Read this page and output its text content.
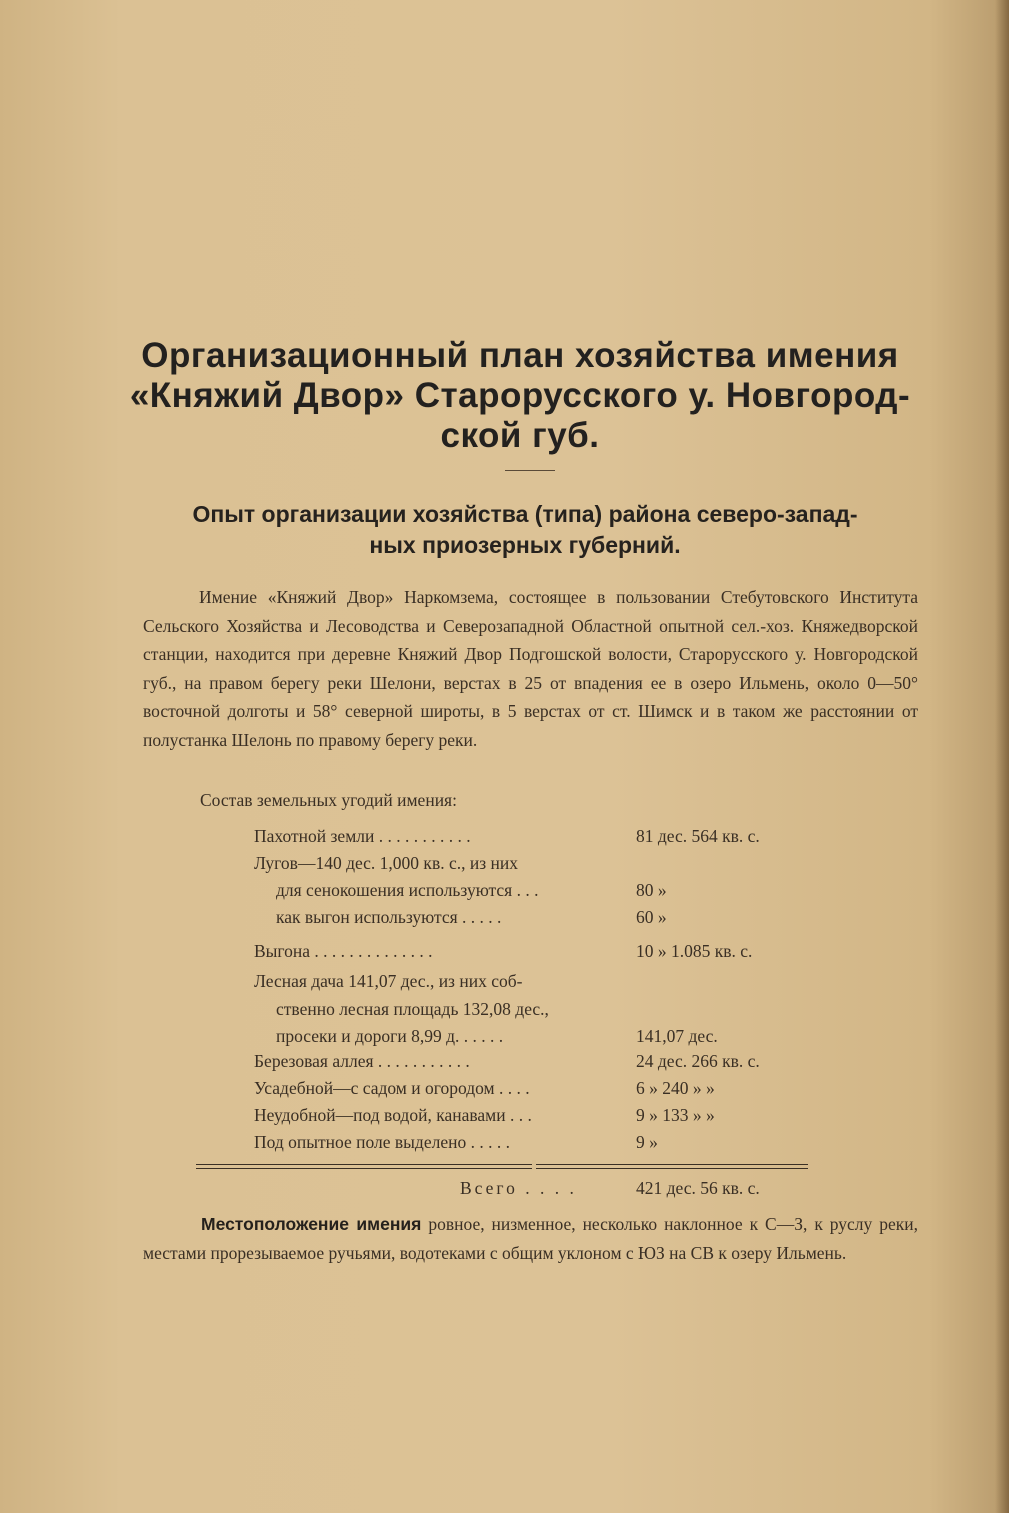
Организационный план хозяйства имения
«Княжий Двор» Старорусского у. Новгород-
ской губ.
Опыт организации хозяйства (типа) района северо-запад-
ных приозерных губерний.

Имение «Княжий Двор» Наркомзема, состоящее в пользовании Стебутовского Института Сельского Хозяйства и Лесоводства и Северозападной Областной опытной сел.-хоз. Княжедворской станции, находится при деревне Княжий Двор Подгошской волости, Старорусского у. Новгородской губ., на правом берегу реки Шелони, верстах в 25 от впадения ее в озеро Ильмень, около 0—50° восточной долготы и 58° северной широты, в 5 верстах от ст. Шимск и в таком же расстоянии от полустанка Шелонь по правому берегу реки.

Состав земельных угодий имения:

Пахотной земли . . . . . . . . . . .	81 дес. 564 кв. с.
Лугов—140 дес. 1,000 кв. с., из них
для сенокошения используются . . .	80 »
как выгон используются . . . . .	60 »
Выгона . . . . . . . . . . . . . .	10 » 1.085 кв. с.
Лесная дача 141,07 дес., из них соб-
ственно лесная площадь 132,08 дес.,
просеки и дороги 8,99 д. . . . . .	141,07 дес.
Березовая аллея . . . . . . . . . . .	24 дес. 266 кв. с.
Усадебной—с садом и огородом . . . .	6 » 240 » »
Неудобной—под водой, канавами . . .	9 » 133 » »
Под опытное поле выделено . . . . .	9 »
Всего . . . .	421 дес. 56 кв. с.

Местоположение имения ровное, низменное, несколько наклонное к С—З, к руслу реки, местами прорезываемое ручьями, водотеками с общим уклоном с ЮЗ на СВ к озеру Ильмень.
